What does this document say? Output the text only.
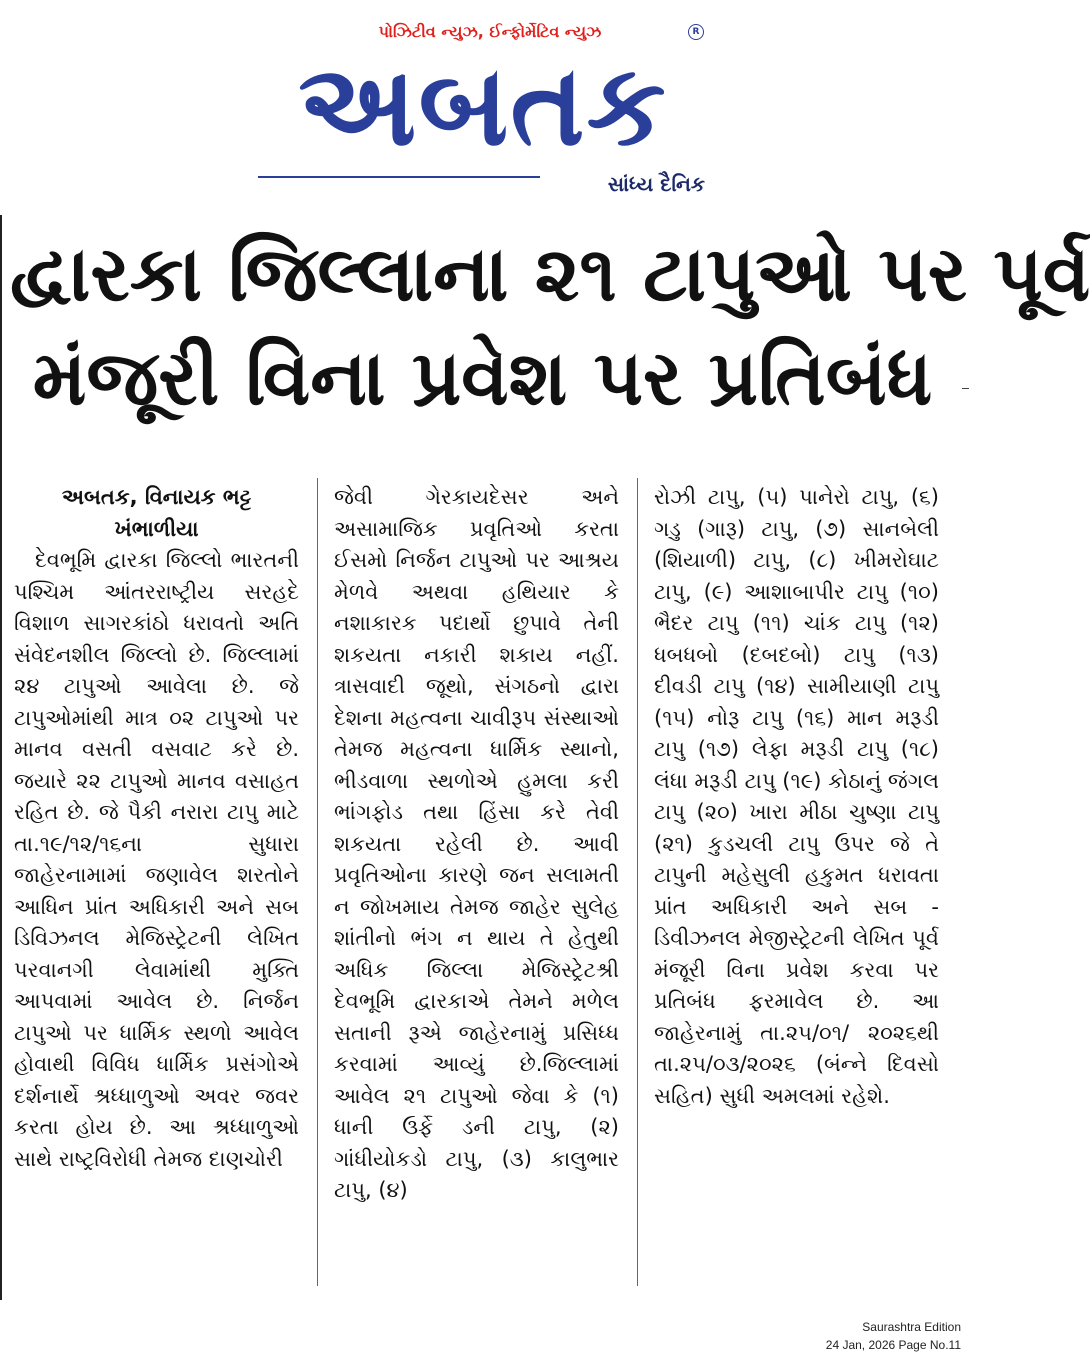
પોઝિટીવ ન્યુઝ, ઈન્ફોર્મેટિવ ન્યુઝ	R
અબતક
સાંધ્ય દૈનિક
દ્વારકા જિલ્લાના ૨૧ ટાપુઓ પર પૂર્વ
મંજૂરી વિના પ્રવેશ પર પ્રતિબંધ
અબતક, વિનાયક ભટ્ટ
ખંભાળીયા

દેવભૂમિ દ્વારકા જિલ્લો ભારતની પશ્ચિમ આંતરરાષ્ટ્રીય સરહદે વિશાળ સાગરકાંઠો ધરાવતો અતિ સંવેદનશીલ જિલ્લો છે. જિલ્લામાં ૨૪ ટાપુઓ આવેલા છે. જે ટાપુઓમાંથી માત્ર ૦૨ ટાપુઓ પર માનવ વસતી વસવાટ કરે છે. જયારે ૨૨ ટાપુઓ માનવ વસાહત રહિત છે. જે પૈકી નરારા ટાપુ માટે તા.૧૯/૧૨/૧૬ના સુધારા જાહેરનામામાં જણાવેલ શરતોને આધિન પ્રાંત અધિકારી અને સબ ડિવિઝનલ મેજિસ્ટ્રેટની લેખિત પરવાનગી લેવામાંથી મુક્તિ આપવામાં આવેલ છે. નિર્જન ટાપુઓ પર ધાર્મિક સ્થળો આવેલ હોવાથી વિવિધ ધાર્મિક પ્રસંગોએ દર્શનાર્થે શ્રધ્ધાળુઓ અવર જવર કરતા હોય છે. આ શ્રધ્ધાળુઓ સાથે રાષ્ટ્રવિરોધી તેમજ દાણચોરી

જેવી ગેરકાયદેસર અને અસામાજિક પ્રવૃતિઓ કરતા ઈસમો નિર્જન ટાપુઓ પર આશ્રય મેળવે અથવા હથિયાર કે નશાકારક પદાર્થો છુપાવે તેની શકયતા નકારી શકાય નહીં. ત્રાસવાદી જૂથો, સંગઠનો દ્વારા દેશના મહત્વના ચાવીરૂપ સંસ્થાઓ તેમજ મહત્વના ધાર્મિક સ્થાનો, ભીડવાળા સ્થળોએ હુમલા કરી ભાંગફોડ તથા હિંસા કરે તેવી શકયતા રહેલી છે. આવી પ્રવૃતિઓના કારણે જન સલામતી ન જોખમાય તેમજ જાહેર સુલેહ શાંતીનો ભંગ ન થાય તે હેતુથી અધિક જિલ્લા મેજિસ્ટ્રેટશ્રી દેવભૂમિ દ્વારકાએ તેમને મળેલ સતાની રૂએ જાહેરનામું પ્રસિધ્ધ કરવામાં આવ્યું છે.જિલ્લામાં આવેલ ૨૧ ટાપુઓ જેવા કે (૧) ધાની ઉર્ફે ડની ટાપુ, (૨) ગાંધીયોકડો ટાપુ, (૩) કાલુભાર ટાપુ, (૪)

રોઝી ટાપુ, (૫) પાનેરો ટાપુ, (૬) ગડુ (ગારૂ) ટાપુ, (૭) સાનબેલી (શિયાળી) ટાપુ, (૮) ખીમરોઘાટ ટાપુ, (૯) આશાબાપીર ટાપુ (૧૦) ભૈદર ટાપુ (૧૧) ચાંક ટાપુ (૧૨) ધબધબો (દબદબો) ટાપુ (૧૩) દીવડી ટાપુ (૧૪) સામીયાણી ટાપુ (૧૫) નોરૂ ટાપુ (૧૬) માન મરૂડી ટાપુ (૧૭) લેફા મરૂડી ટાપુ (૧૮) લંધા મરૂડી ટાપુ (૧૯) કોઠાનું જંગલ ટાપુ (૨૦) ખારા મીઠા ચુષ્ણા ટાપુ (૨૧) કુડચલી ટાપુ ઉપર જે તે ટાપુની મહેસુલી હકુમત ધરાવતા પ્રાંત અધિકારી અને સબ - ડિવીઝનલ મેજીસ્ટ્રેટની લેખિત પૂર્વ મંજૂરી વિના પ્રવેશ કરવા પર પ્રતિબંધ ફરમાવેલ છે. આ જાહેરનામું તા.૨૫/૦૧/ ૨૦૨૬થી તા.૨૫/૦૩/૨૦૨૬ (બંન્ને દિવસો સહિત) સુધી અમલમાં રહેશે.

Saurashtra Edition
24 Jan, 2026 Page No.11
